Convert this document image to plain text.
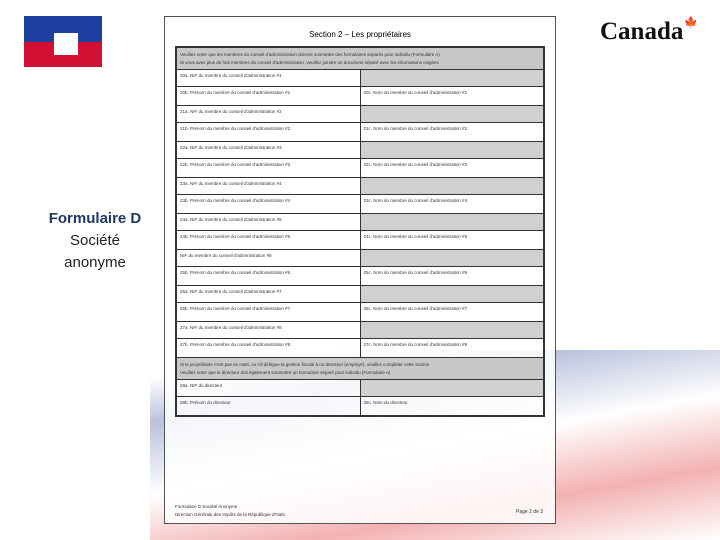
Canada 🍁
Formulaire D
Société
anonyme
Section 2 – Les propriétaires
Veuillez noter que les membres du conseil d'administration doivent soumettre des formulaires séparés pour individu (Formulaire A)
Si vous avez plus de huit membres du conseil d'administration, veuillez joindre un document séparé avec les informations exigées
20a. NIF du membre du conseil d'administration #1
20b. Prénom du membre du conseil d'administration #1	20c. Nom du membre du conseil d'administration #1
21a. NIF du membre du conseil d'administration #2
21b. Prénom du membre du conseil d'administration #2	21c. Nom du membre du conseil d'administration #2
22a. NIF du membre du conseil d'administration #3
22b. Prénom du membre du conseil d'administration #3	22c. Nom du membre du conseil d'administration #3
23a. NIF du membre du conseil d'administration #4
23b. Prénom du membre du conseil d'administration #4	23c. Nom du membre du conseil d'administration #4
24a. NIF du membre du conseil d'administration #5
24b. Prénom du membre du conseil d'administration #5	24c. Nom du membre du conseil d'administration #5
NIF du membre du conseil d'administration #6
25b. Prénom du membre du conseil d'administration #6	25c. Nom du membre du conseil d'administration #6
26a. NIF du membre du conseil d'administration #7
26b. Prénom du membre du conseil d'administration #7	26c. Nom du membre du conseil d'administration #7
27a. NIF du membre du conseil d'administration #8
27b. Prénom du membre du conseil d'administration #8	27c. Nom du membre du conseil d'administration #8
Si le propriétaire n'est pas en Haïti, ou s'il délègue la gestion fiscale à un directeur (employé), veuillez compléter cette section
Veuillez noter que le directeur doit également soumettre un formulaire séparé pour individu (Formulaire A)
28a. NIF du directeur
28b. Prénom du directeur	28c. Nom du directeur
Formulaire D Société Anonyme
Direction Générale des Impôts de la République d'Haïti	Page 2 de 3
